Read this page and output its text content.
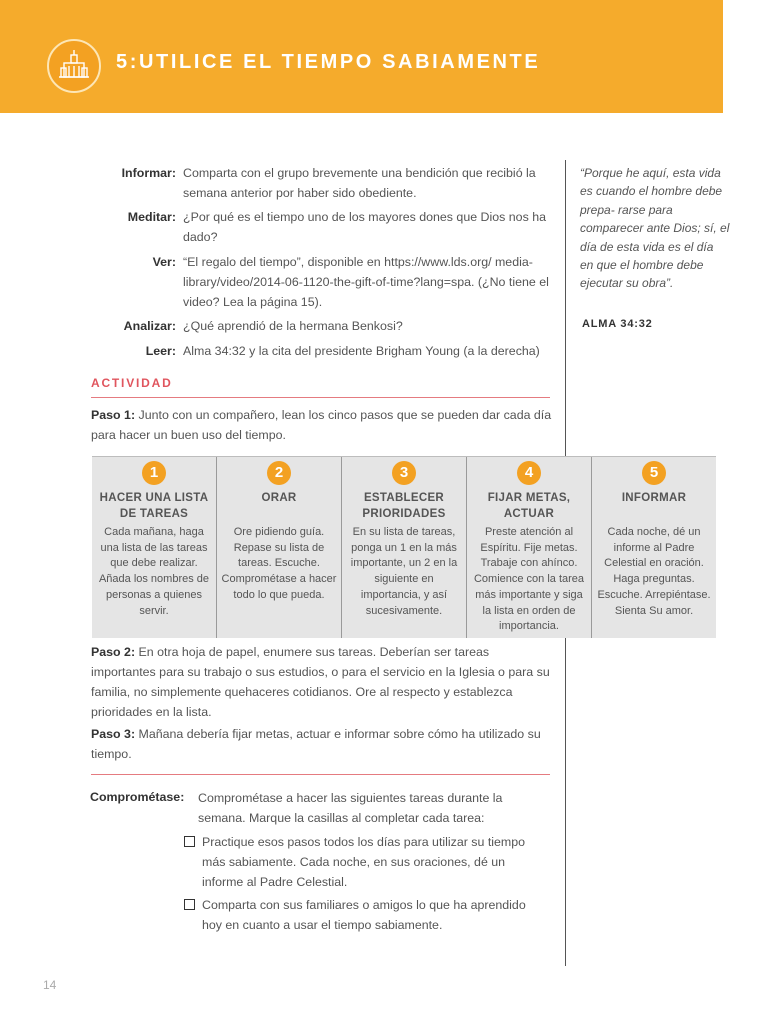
5:UTILICE EL TIEMPO SABIAMENTE
Informar: Comparta con el grupo brevemente una bendición que recibió la semana anterior por haber sido obediente.
Meditar: ¿Por qué es el tiempo uno de los mayores dones que Dios nos ha dado?
Ver: “El regalo del tiempo”, disponible en https://www.lds.org/ media-library/video/2014-06-1120-the-gift-of-time?lang=spa. (¿No tiene el video? Lea la página 15).
Analizar: ¿Qué aprendió de la hermana Benkosi?
Leer: Alma 34:32 y la cita del presidente Brigham Young (a la derecha)
“Porque he aquí, esta vida es cuando el hombre debe prepa- rarse para comparecer ante Dios; sí, el día de esta vida es el día en que el hombre debe ejecutar su obra”.
ALMA 34:32
ACTIVIDAD
Paso 1: Junto con un compañero, lean los cinco pasos que se pueden dar cada día para hacer un buen uso del tiempo.
1
HACER UNA LISTA DE TAREAS
Cada mañana, haga una lista de las tareas que debe realizar. Añada los nombres de personas a quienes servir.
2
ORAR
Ore pidiendo guía. Repase su lista de tareas. Escuche. Comprométase a hacer todo lo que pueda.
3
ESTABLECER PRIORIDADES
En su lista de tareas, ponga un 1 en la más importante, un 2 en la siguiente en importancia, y así sucesivamente.
4
FIJAR METAS, ACTUAR
Preste atención al Espíritu. Fije metas. Trabaje con ahínco. Comience con la tarea más importante y siga la lista en orden de importancia.
5
INFORMAR
Cada noche, dé un informe al Padre Celestial en oración. Haga preguntas. Escuche. Arrepiéntase. Sienta Su amor.
Paso 2: En otra hoja de papel, enumere sus tareas. Deberían ser tareas importantes para su trabajo o sus estudios, o para el servicio en la Iglesia o para su familia, no simplemente quehaceres cotidianos. Ore al respecto y establezca prioridades en la lista.
Paso 3: Mañana debería fijar metas, actuar e informar sobre cómo ha utilizado su tiempo.
Comprométase:	Comprométase a hacer las siguientes tareas durante la semana. Marque la casillas al completar cada tarea:
Practique esos pasos todos los días para utilizar su tiempo más sabiamente. Cada noche, en sus oraciones, dé un informe al Padre Celestial.
Comparta con sus familiares o amigos lo que ha aprendido hoy en cuanto a usar el tiempo sabiamente.
14
